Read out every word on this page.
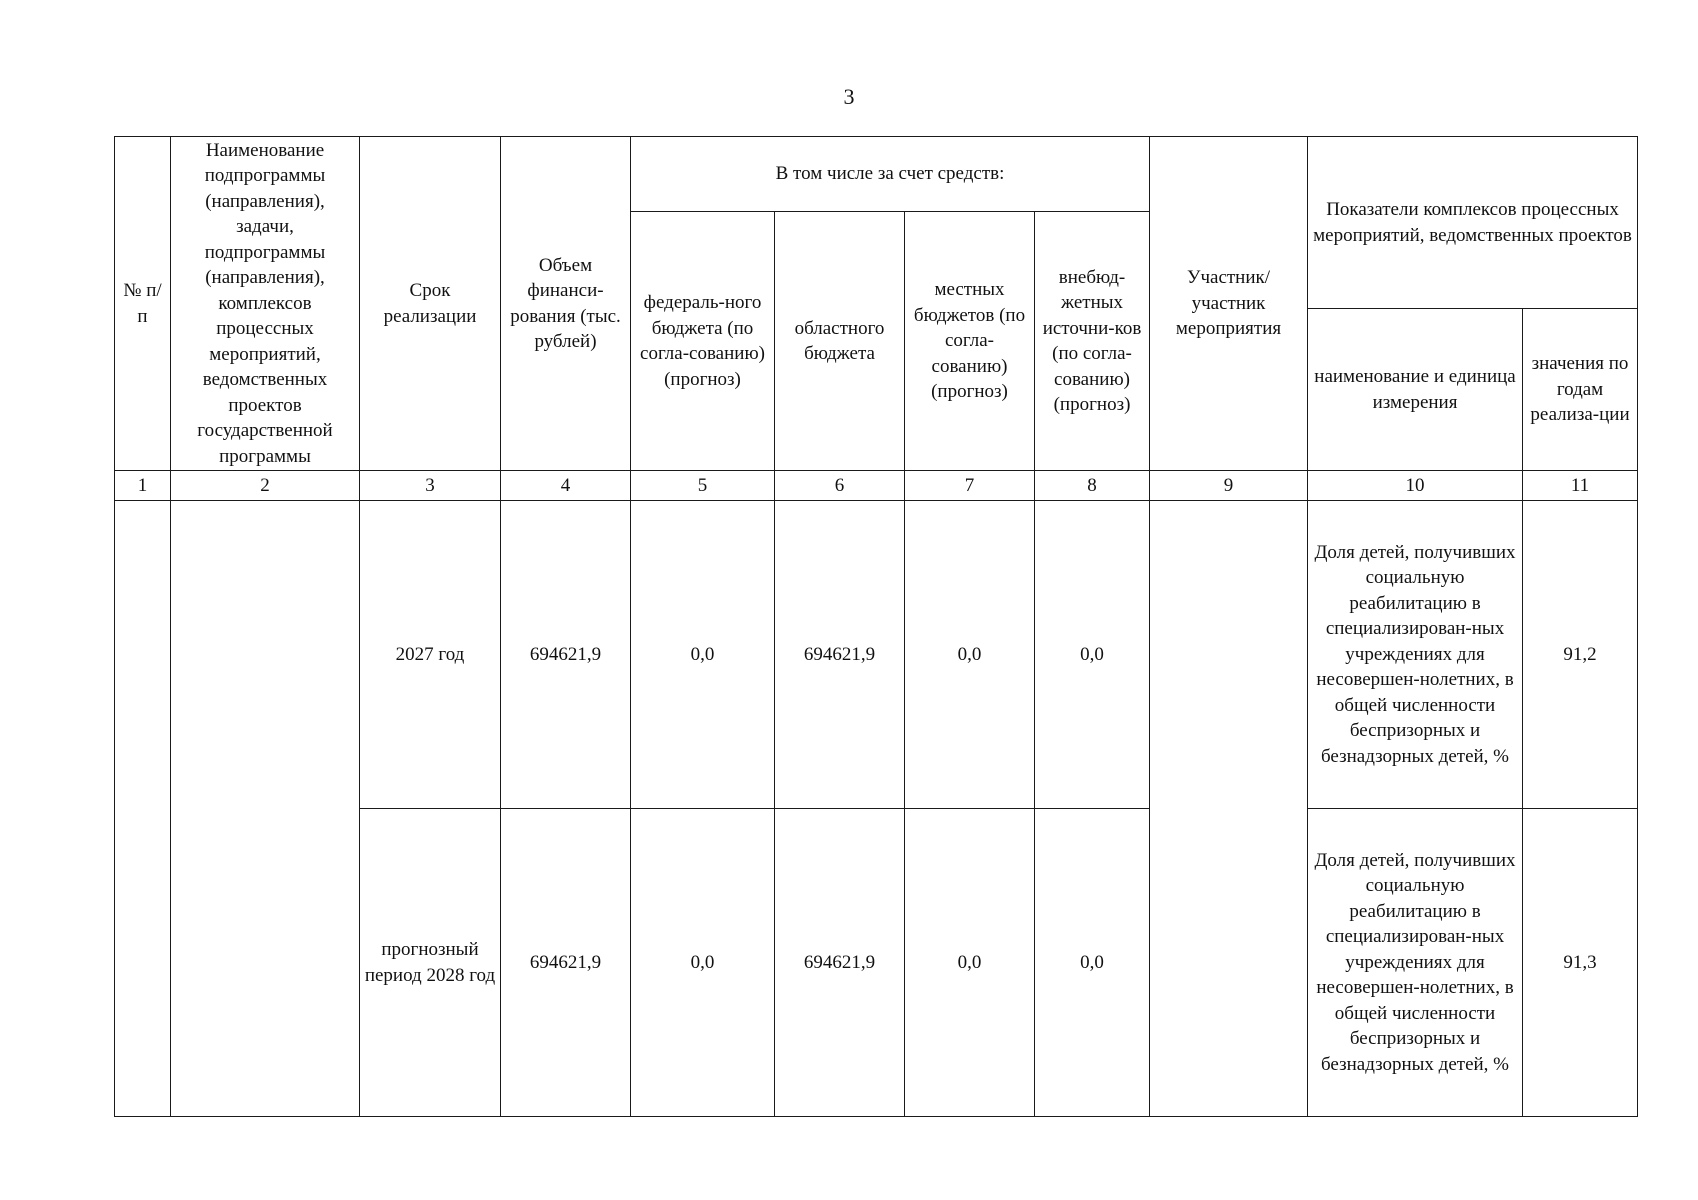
3
№ п/п	Наименование подпрограммы (направления), задачи, подпрограммы (направления), комплексов процессных мероприятий, ведомственных проектов государственной программы	Срок реализации	Объем финанси-рования (тыс. рублей)	В том числе за счет средств:				Участник/ участник мероприятия	Показатели комплексов процессных мероприятий, ведомственных проектов	
				федераль-ного бюджета (по согла-сованию) (прогноз)	областного бюджета	местных бюджетов (по согла-сованию) (прогноз)	внебюд-жетных источни-ков (по согла-сованию) (прогноз)			
									наименование и единица измерения	значения по годам реализа-ции
1	2	3	4	5	6	7	8	9	10	11
		2027 год	694621,9	0,0	694621,9	0,0	0,0		Доля детей, получивших социальную реабилитацию в специализирован-ных учреждениях для несовершен-нолетних, в общей численности беспризорных и безнадзорных детей, %	91,2
		прогнозный период 2028 год	694621,9	0,0	694621,9	0,0	0,0		Доля детей, получивших социальную реабилитацию в специализирован-ных учреждениях для несовершен-нолетних, в общей численности беспризорных и безнадзорных детей, %	91,3
